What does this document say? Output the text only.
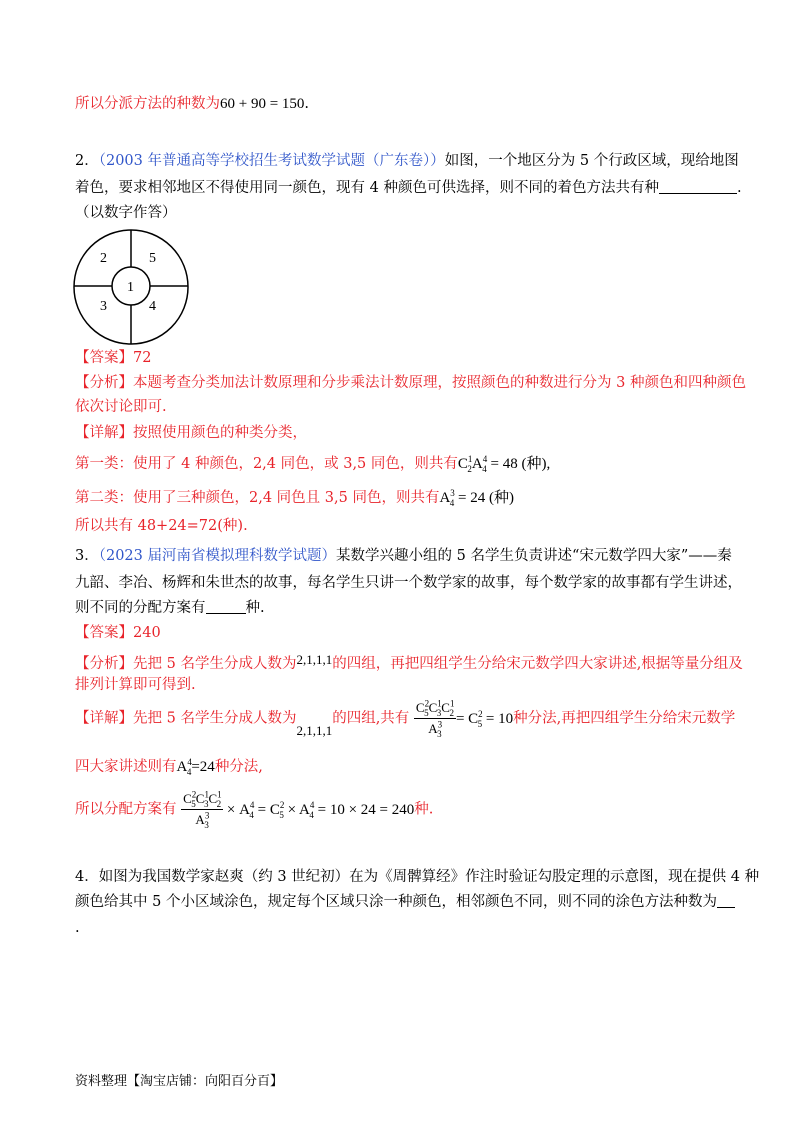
所以分派方法的种数为60 + 90 = 150.
2．（2003 年普通高等学校招生考试数学试题（广东卷））如图，一个地区分为 5 个行政区域，现给地图
着色，要求相邻地区不得使用同一颜色，现有 4 种颜色可供选择，则不同的着色方法共有种	.
（以数字作答）
1
2	5
3	4
【答案】72
【分析】本题考查分类加法计数原理和分步乘法计数原理，按照颜色的种数进行分为 3 种颜色和四种颜色
依次讨论即可.
【详解】按照使用颜色的种类分类，
第一类：使用了 4 种颜色，2,4 同色，或 3,5 同色，则共有$C^1_2A^4_4 = 48$ (种),
第二类：使用了三种颜色，2,4 同色且 3,5 同色，则共有$A^3_4 = 24$ (种)
所以共有 48+24=72(种).
3．（2023 届河南省模拟理科数学试题）某数学兴趣小组的 5 名学生负责讲述“宋元数学四大家”——秦
九韶、李冶、杨辉和朱世杰的故事，每名学生只讲一个数学家的故事，每个数学家的故事都有学生讲述，
则不同的分配方案有	种.
【答案】240
【分析】先把 5 名学生分成人数为2,1,1,1的四组，再把四组学生分给宋元数学四大家讲述,根据等量分组及
排列计算即可得到.
【详解】先把 5 名学生分成人数为2,1,1,1的四组,共有 $\frac{C^2_5C^1_3C^1_2}{A^3_3} = C^2_5 = 10$种分法,再把四组学生分给宋元数学
四大家讲述则有$A^4_4=24$种分法,
所以分配方案有 $\frac{C^2_5C^1_3C^1_2}{A^3_3} \times A^4_4 = C^2_5 \times A^4_4 = 10 \times 24 = 240$种.
4．如图为我国数学家赵爽（约 3 世纪初）在为《周髀算经》作注时验证勾股定理的示意图，现在提供 4 种
颜色给其中 5 个小区域涂色，规定每个区域只涂一种颜色，相邻颜色不同，则不同的涂色方法种数为
.
资料整理【淘宝店铺：向阳百分百】
